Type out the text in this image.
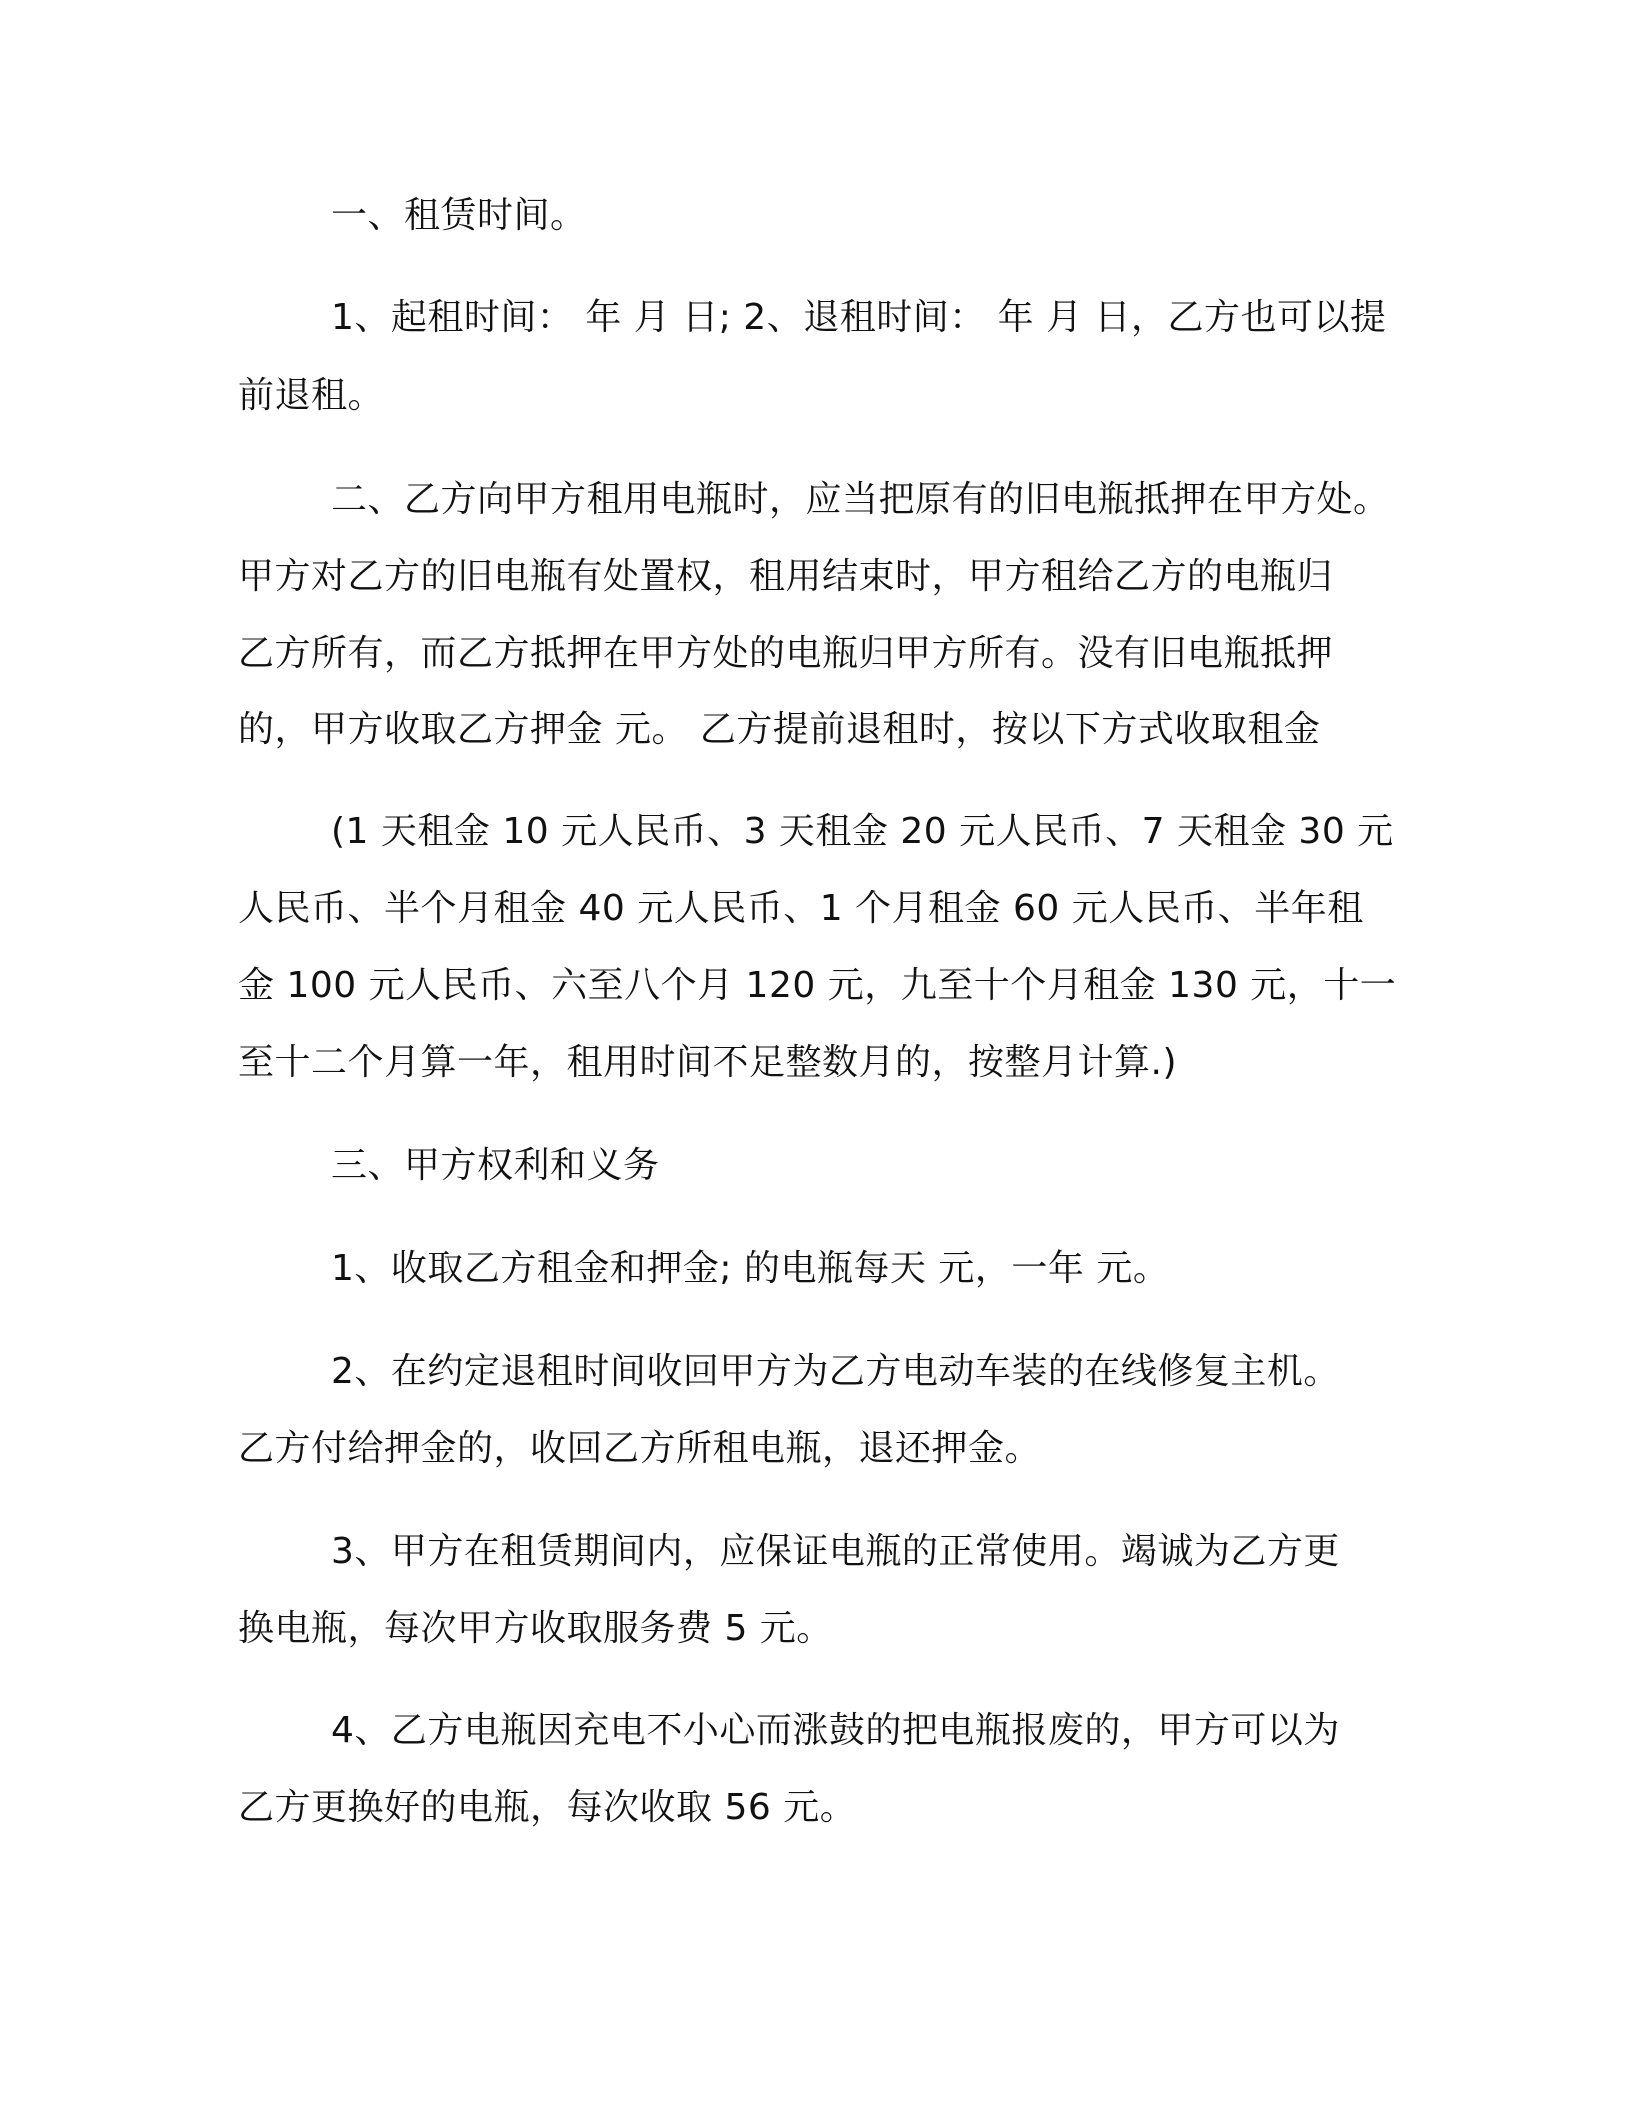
一、租赁时间。
1、起租时间： 年 月 日; 2、退租时间： 年 月 日，乙方也可以提
前退租。
二、乙方向甲方租用电瓶时，应当把原有的旧电瓶抵押在甲方处。
甲方对乙方的旧电瓶有处置权，租用结束时，甲方租给乙方的电瓶归
乙方所有，而乙方抵押在甲方处的电瓶归甲方所有。没有旧电瓶抵押
的，甲方收取乙方押金 元。 乙方提前退租时，按以下方式收取租金
(1 天租金 10 元人民币、3 天租金 20 元人民币、7 天租金 30 元
人民币、半个月租金 40 元人民币、1 个月租金 60 元人民币、半年租
金 100 元人民币、六至八个月 120 元，九至十个月租金 130 元，十一
至十二个月算一年，租用时间不足整数月的，按整月计算.)
三、甲方权利和义务
1、收取乙方租金和押金; 的电瓶每天 元，一年 元。
2、在约定退租时间收回甲方为乙方电动车装的在线修复主机。
乙方付给押金的，收回乙方所租电瓶，退还押金。
3、甲方在租赁期间内，应保证电瓶的正常使用。竭诚为乙方更
换电瓶，每次甲方收取服务费 5 元。
4、乙方电瓶因充电不小心而涨鼓的把电瓶报废的，甲方可以为
乙方更换好的电瓶，每次收取 56 元。
